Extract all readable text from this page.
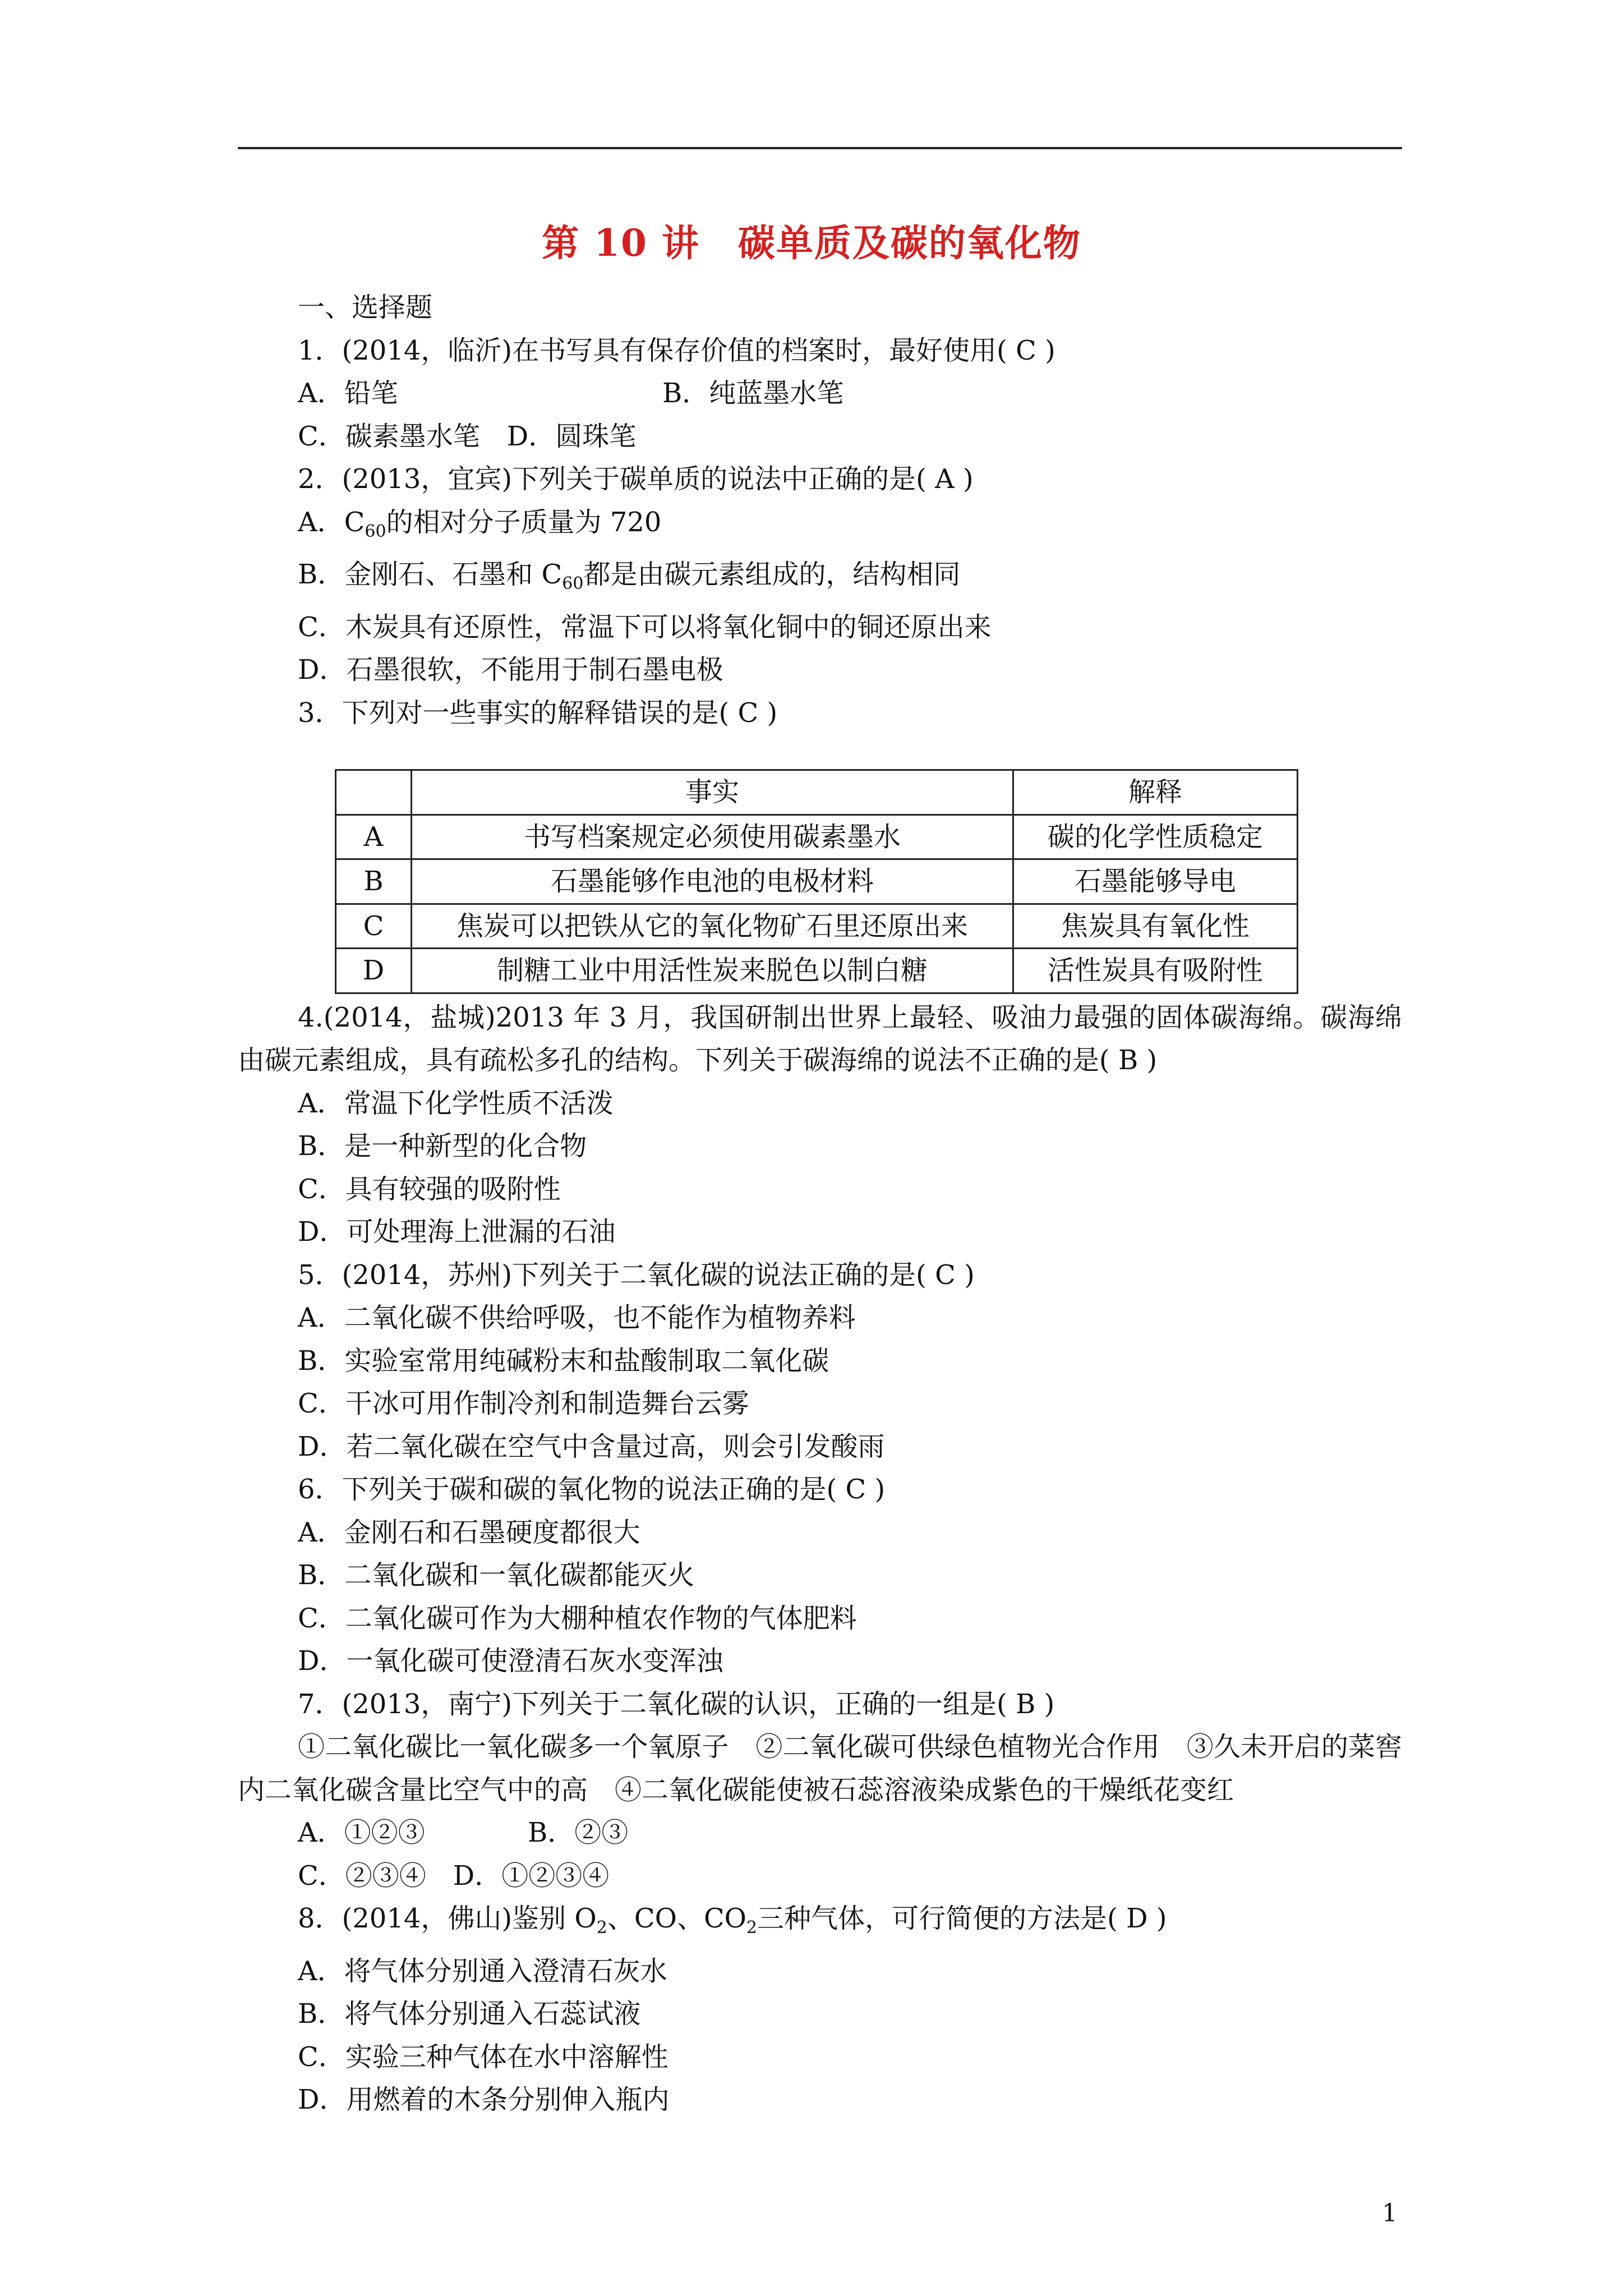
第 10 讲　碳单质及碳的氧化物
一、选择题
1．(2014，临沂)在书写具有保存价值的档案时，最好使用( C )
A．铅笔	B．纯蓝墨水笔
C．碳素墨水笔　D．圆珠笔
2．(2013，宜宾)下列关于碳单质的说法中正确的是( A )
A．$C_{60}$的相对分子质量为 720
B．金刚石、石墨和 $C_{60}$都是由碳元素组成的，结构相同
C．木炭具有还原性，常温下可以将氧化铜中的铜还原出来
D．石墨很软，不能用于制石墨电极
3．下列对一些事实的解释错误的是( C )
	事实	解释
A	书写档案规定必须使用碳素墨水	碳的化学性质稳定
B	石墨能够作电池的电极材料	石墨能够导电
C	焦炭可以把铁从它的氧化物矿石里还原出来	焦炭具有氧化性
D	制糖工业中用活性炭来脱色以制白糖	活性炭具有吸附性
4.(2014，盐城)2013 年 3 月，我国研制出世界上最轻、吸油力最强的固体碳海绵。碳海绵由碳元素组成，具有疏松多孔的结构。下列关于碳海绵的说法不正确的是( B )
A．常温下化学性质不活泼
B．是一种新型的化合物
C．具有较强的吸附性
D．可处理海上泄漏的石油
5．(2014，苏州)下列关于二氧化碳的说法正确的是( C )
A．二氧化碳不供给呼吸，也不能作为植物养料
B．实验室常用纯碱粉末和盐酸制取二氧化碳
C．干冰可用作制冷剂和制造舞台云雾
D．若二氧化碳在空气中含量过高，则会引发酸雨
6．下列关于碳和碳的氧化物的说法正确的是( C )
A．金刚石和石墨硬度都很大
B．二氧化碳和一氧化碳都能灭火
C．二氧化碳可作为大棚种植农作物的气体肥料
D．一氧化碳可使澄清石灰水变浑浊
7．(2013，南宁)下列关于二氧化碳的认识，正确的一组是( B )
①二氧化碳比一氧化碳多一个氧原子　②二氧化碳可供绿色植物光合作用　③久未开启的菜窖内二氧化碳含量比空气中的高　④二氧化碳能使被石蕊溶液染成紫色的干燥纸花变红
A．①②③	B．②③
C．②③④　D．①②③④
8．(2014，佛山)鉴别 $O_2$、CO、$CO_2$三种气体，可行简便的方法是( D )
A．将气体分别通入澄清石灰水
B．将气体分别通入石蕊试液
C．实验三种气体在水中溶解性
D．用燃着的木条分别伸入瓶内
1
